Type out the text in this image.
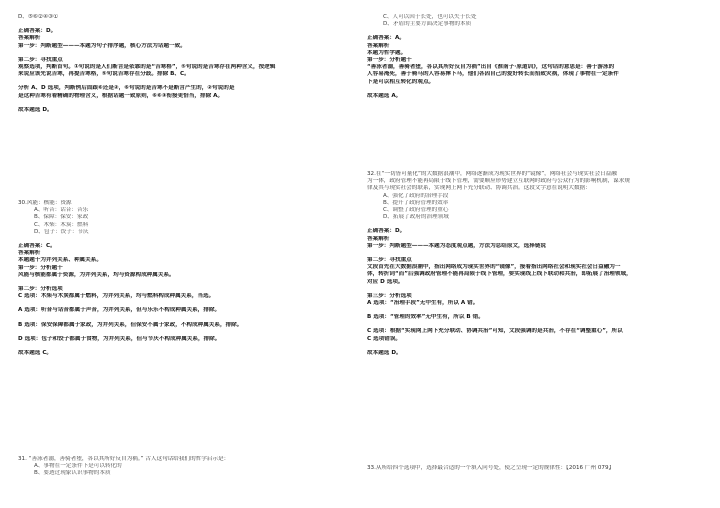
D、⑤⑥②④③①
正确答案：D。
答案解析
第一步：判断题型———本题为句子排序题，核心方法为话题一致。
第二步：寻找重点
观察选项，判断首句。①句说的是人们断言是依靠的是“吉寒格”，⑤句说的是吉寒存在两种含义，按逻辑
来说应该先说吉寒，再提吉寒格，⑤句说吉寒存在分歧。排除 B、C。
分析 A、D 选项，判断例后面跟⑥还是②，⑥句说的是吉寒不是断言产生的，②句说的是
是这种吉寒有着精确的物理含义，根据话题一致原则，⑥⑥③衔接更恰当，排除 A。
故本题选 D。
30.风能：核能：资源
A、听音：话音：音乐
B、保障：保安：家政
C、木柴：木炭：燃料
D、包子：饺子：节庆
正确答案：C。
答案解析
本题题干为并列关系、种属关系。
第一步：分析题干
风能与核能都属于资源，为并列关系，均与资源构成种属关系。
第二步：分析选项
C 选项：木柴与木炭都属于燃料，为并列关系，均与燃料构成种属关系，当选。
A 选项：听音与话音都属于声音，为并列关系，但与乐乐不构成种属关系，排除。
B 选项：保安保障都属于家政，为并列关系，但保安不属于家政，不构成种属关系，排除。
D 选项：包子和饺子都属于食物，为并列关系，但与节庆不构成种属关系，排除。
故本题选 C。
31. “善泳者溺，善骑者堕，各以其所好反自为祸。” 古人这句话给我们的哲学启示是：
A、事物在一定条件下是可以转化的
B、要透过现象认识事物的本质
C、人可以因于长处，也可以失于长处
D、矛盾的主要方面决定事物的本质
正确答案：A。
答案解析
本题为哲学题。
第一步：分析题干
“善泳者溺，善骑者堕，各以其所好反自为祸”出自《淮南子·原道训》，这句话的意思是：善于游泳的
人容易淹死，善于骑马的人容易摔下马，他们各因自己的爱好转长而招致灾祸，体现了事物在一定条件
下是可以相互转化的观点。
故本题选 A。
32.在“一切皆可量化”的大数据浪潮中，网络逐渐成为现实世界的“镜像”，网络社会与现实社会日益融
为一体，政府管理不能再局限于线下管理，需要顺应形势建立互联网时政府与公众行为的影响机制，谋求规
律及其与现实社会的联系，实现网上网下充分联动、协调共治。这段文字意在说明大数据：
A、强化了政府的治理手段
B、提升了政府管理的效率
C、调整了政府管理的重心
D、拓展了政府的治理领域
正确答案：D。
答案解析
第一步：判断题型———本题为态度观点题，方法为总结原文，选择链说
第二步：寻找重点
文段首先在大数据浪潮中，指出网络成为现实世界的“镜像”，接着指出网络社会和现实社会日益融为一
体，转折词“而”后强调政府管理不能再局限于线下管理，要实现线上线下联动和共治，即拓展了治理领域，
对应 D 选项。
第三步：分析选项
A 选项：“治理手段”无中生有，所以 A 错。
B 选项：“管理的效率”无中生有，所以 B 错。
C 选项：根据“实现网上网下充分联动、协调共治”可知，文段强调的是共治，不存在“调整重心”，所以
C 选项错误。
故本题选 D。
33.从所给四个选项中，选择最合适的一个填入问号处，使之呈现一定的规律性：【2016 广州 079】
